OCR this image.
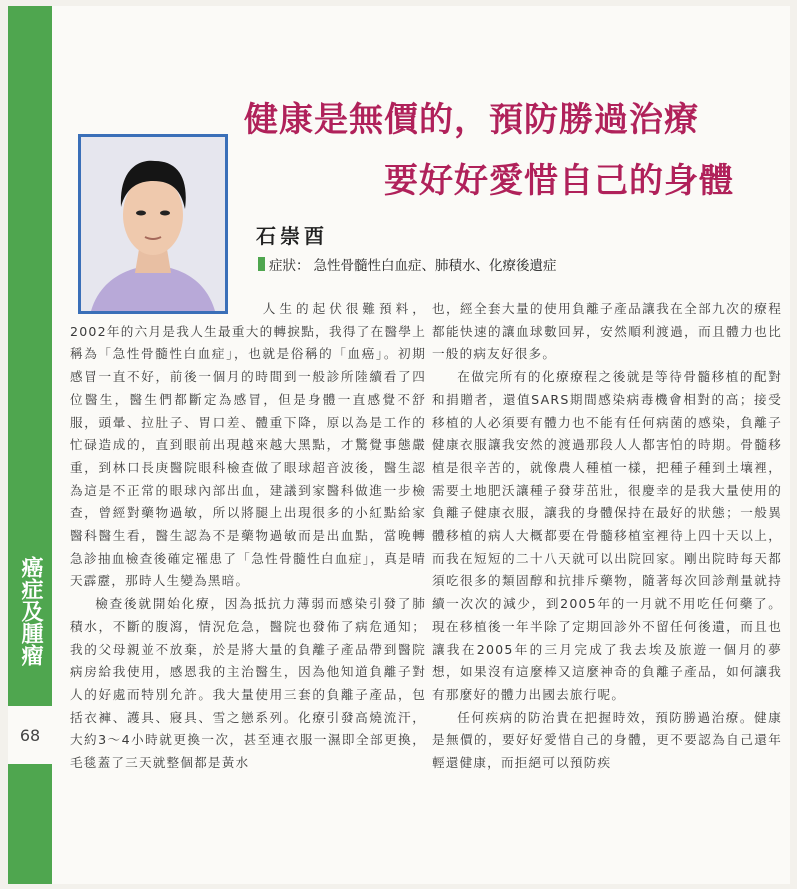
癌症及腫瘤
68
健康是無價的，預防勝過治療
要好好愛惜自己的身體
石崇酉
症狀： 急性骨髓性白血症、肺積水、化療後遺症

人生的起伏很難預料，2002年的六月是我人生最重大的轉捩點，我得了在醫學上稱為「急性骨髓性白血症」，也就是俗稱的「血癌」。初期感冒一直不好，前後一個月的時間到一般診所陸續看了四位醫生，醫生們都斷定為感冒，但是身體一直感覺不舒服，頭暈、拉肚子、胃口差、體重下降，原以為是工作的忙碌造成的，直到眼前出現越來越大黑點，才驚覺事態嚴重，到林口長庚醫院眼科檢查做了眼球超音波後，醫生認為這是不正常的眼球內部出血，建議到家醫科做進一步檢查，曾經對藥物過敏，所以將腿上出現很多的小紅點給家醫科醫生看，醫生認為不是藥物過敏而是出血點，當晚轉急診抽血檢查後確定罹患了「急性骨髓性白血症」，真是晴天霹靂，那時人生變為黑暗。

檢查後就開始化療，因為抵抗力薄弱而感染引發了肺積水，不斷的腹瀉，情況危急，醫院也發佈了病危通知；我的父母親並不放棄，於是將大量的負離子產品帶到醫院病房給我使用，感恩我的主治醫生，因為他知道負離子對人的好處而特別允許。我大量使用三套的負離子產品，包括衣褲、護具、寢具、雪之戀系列。化療引發高燒流汗，大約3～4小時就更換一次，甚至連衣服一濕即全部更換，毛毯蓋了三天就整個都是黃水

也，經全套大量的使用負離子產品讓我在全部九次的療程都能快速的讓血球數回昇，安然順利渡過，而且體力也比一般的病友好很多。

在做完所有的化療療程之後就是等待骨髓移植的配對和捐贈者，還值SARS期間感染病毒機會相對的高；接受移植的人必須要有體力也不能有任何病菌的感染，負離子健康衣服讓我安然的渡過那段人人都害怕的時期。骨髓移植是很辛苦的，就像農人種植一樣，把種子種到土壤裡，需要土地肥沃讓種子發芽茁壯，很慶幸的是我大量使用的負離子健康衣服，讓我的身體保持在最好的狀態；一般異體移植的病人大概都要在骨髓移植室裡待上四十天以上，而我在短短的二十八天就可以出院回家。剛出院時每天都須吃很多的類固醇和抗排斥藥物，隨著每次回診劑量就持續一次次的減少，到2005年的一月就不用吃任何藥了。現在移植後一年半除了定期回診外不留任何後遺，而且也讓我在2005年的三月完成了我去埃及旅遊一個月的夢想，如果沒有這麼棒又這麼神奇的負離子產品，如何讓我有那麼好的體力出國去旅行呢。

任何疾病的防治貴在把握時效，預防勝過治療。健康是無價的，要好好愛惜自己的身體，更不要認為自己還年輕還健康，而拒絕可以預防疾
